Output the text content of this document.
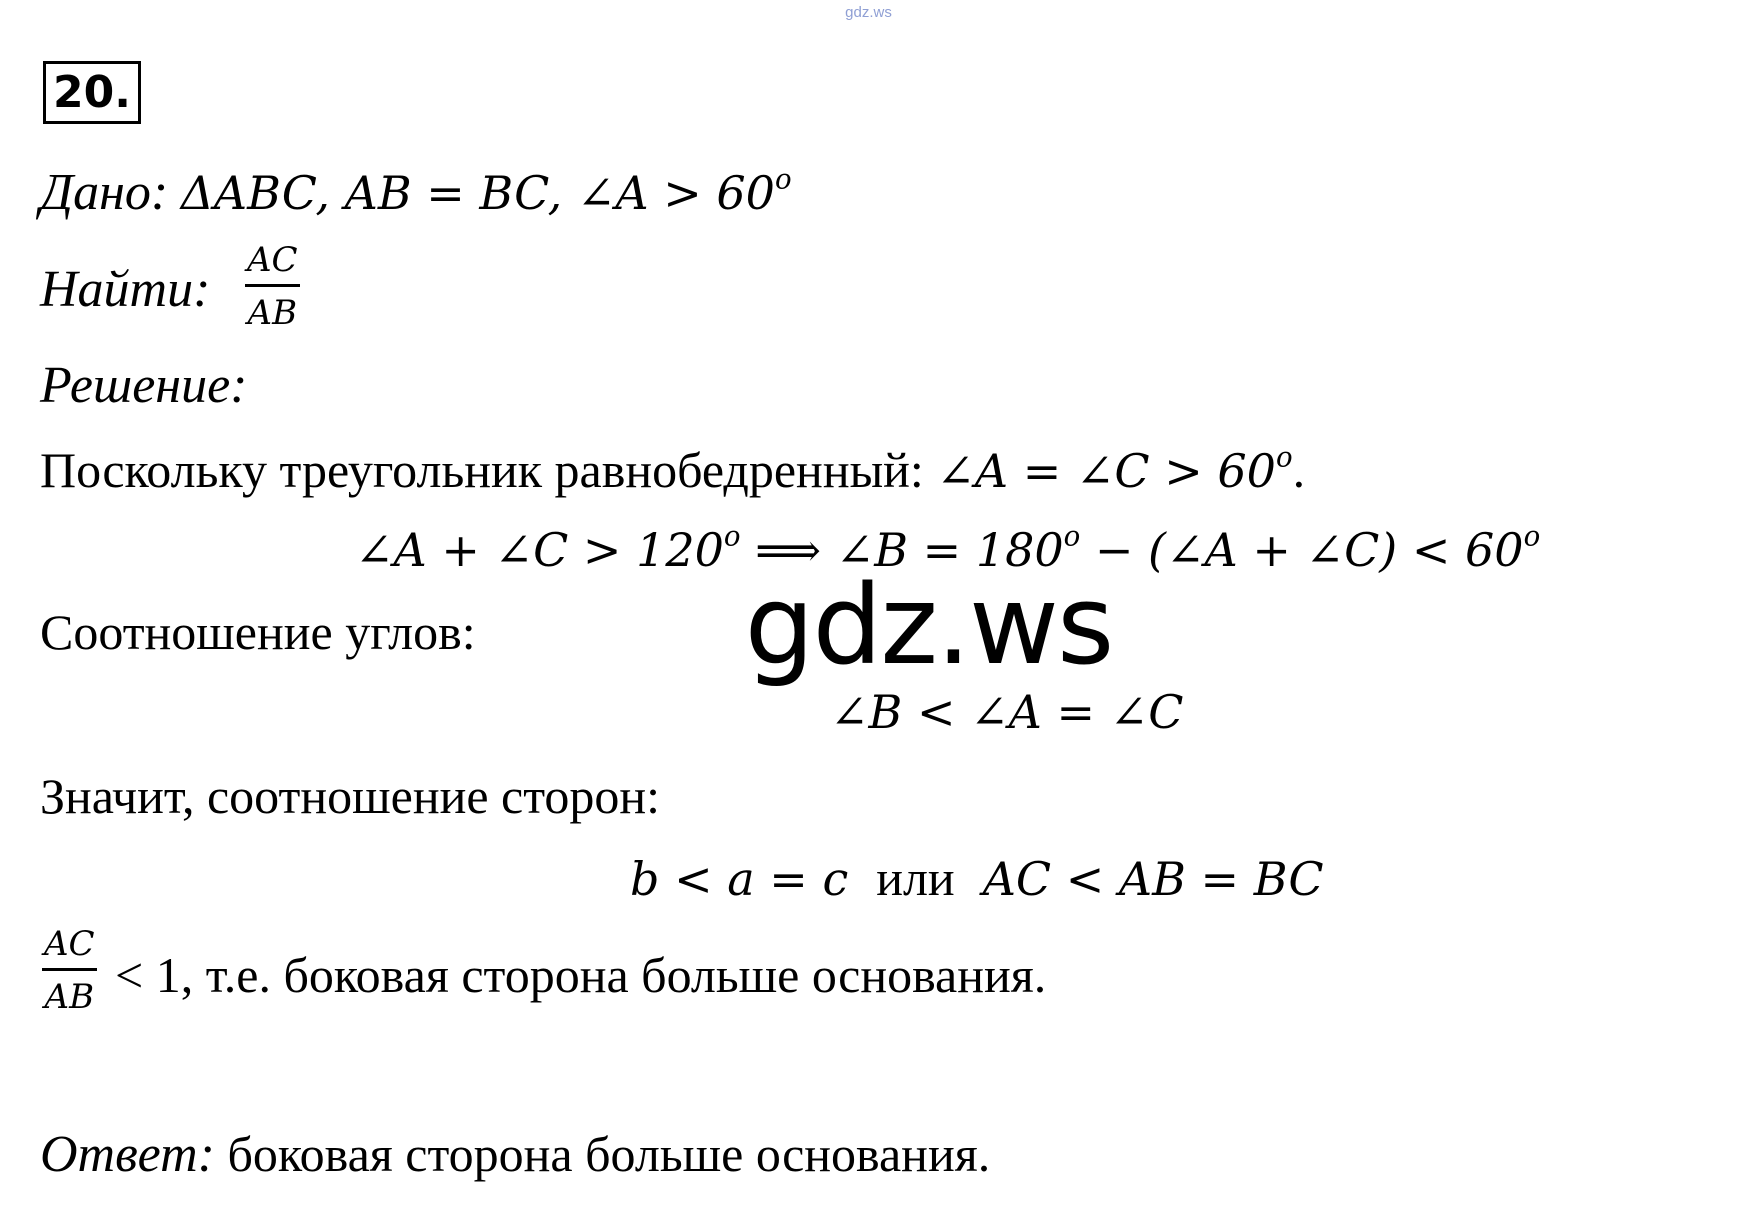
gdz.ws
20.
Дано: ΔABC, AB = BC, ∠A > $60^o$
Найти: $\frac{AC}{AB}$
Решение:
Поскольку треугольник равнобедренный: ∠A = ∠C > $60^o$.
∠A + ∠C > $120^o$ ⟹ ∠B = $180^o$ − (∠A + ∠C) < $60^o$
Соотношение углов:
∠B < ∠A = ∠C
Значит, соотношение сторон:
b < a = c или AC < AB = BC
$\frac{AC}{AB} < 1$, т.е. боковая сторона больше основания.
Ответ: боковая сторона больше основания.
gdz.ws
